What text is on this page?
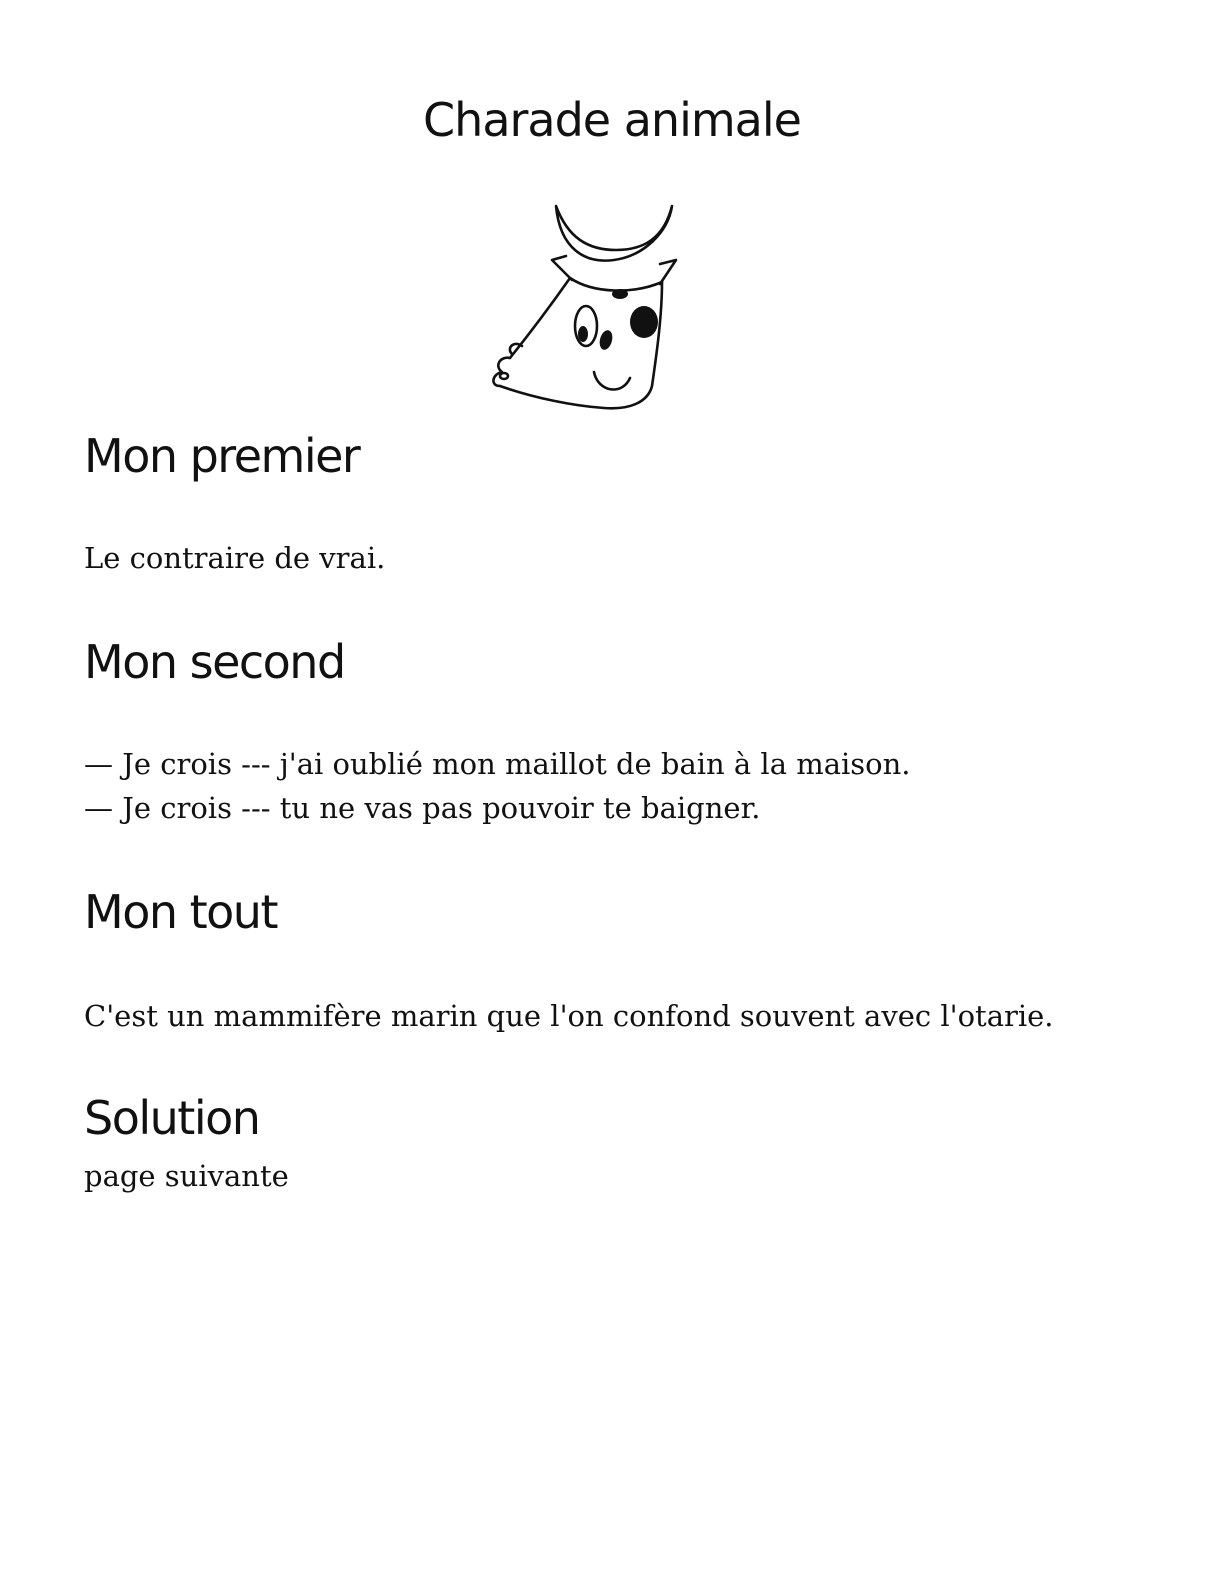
Charade animale
Mon premier

Le contraire de vrai.

Mon second

— Je crois --- j'ai oublié mon maillot de bain à la maison.
— Je crois --- tu ne vas pas pouvoir te baigner.

Mon tout

C'est un mammifère marin que l'on confond souvent avec l'otarie.

Solution

page suivante
